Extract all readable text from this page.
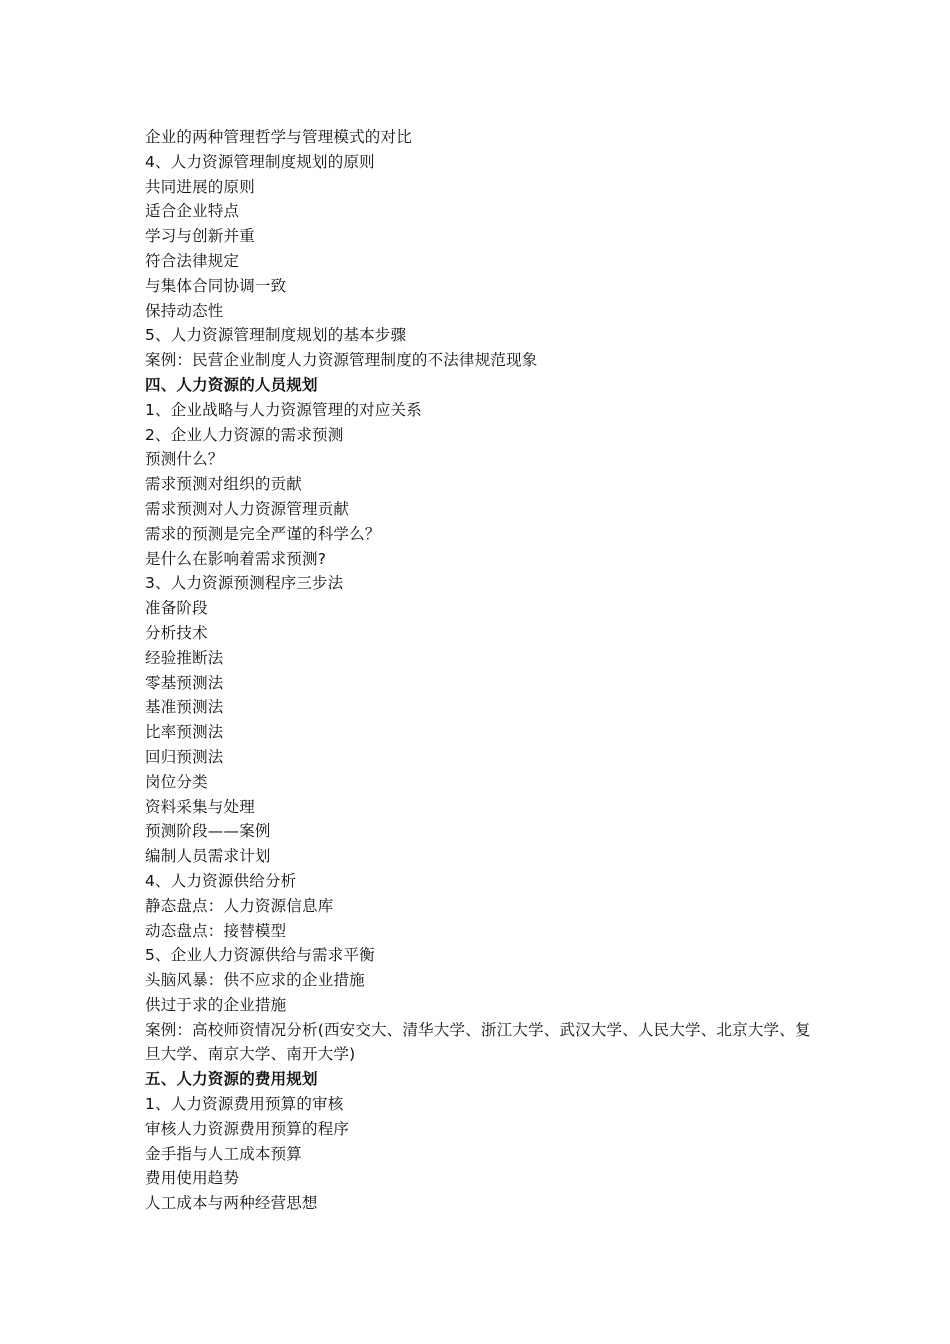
企业的两种管理哲学与管理模式的对比
4、人力资源管理制度规划的原则
共同进展的原则
适合企业特点
学习与创新并重
符合法律规定
与集体合同协调一致
保持动态性
5、人力资源管理制度规划的基本步骤
案例：民营企业制度人力资源管理制度的不法律规范现象
四、人力资源的人员规划
1、企业战略与人力资源管理的对应关系
2、企业人力资源的需求预测
预测什么？
需求预测对组织的贡献
需求预测对人力资源管理贡献
需求的预测是完全严谨的科学么？
是什么在影响着需求预测?
3、人力资源预测程序三步法
准备阶段
分析技术
经验推断法
零基预测法
基准预测法
比率预测法
回归预测法
岗位分类
资料采集与处理
预测阶段——案例
编制人员需求计划
4、人力资源供给分析
静态盘点：人力资源信息库
动态盘点：接替模型
5、企业人力资源供给与需求平衡
头脑风暴：供不应求的企业措施
供过于求的企业措施
案例：高校师资情况分析(西安交大、清华大学、浙江大学、武汉大学、人民大学、北京大学、复旦大学、南京大学、南开大学)
五、人力资源的费用规划
1、人力资源费用预算的审核
审核人力资源费用预算的程序
金手指与人工成本预算
费用使用趋势
人工成本与两种经营思想
